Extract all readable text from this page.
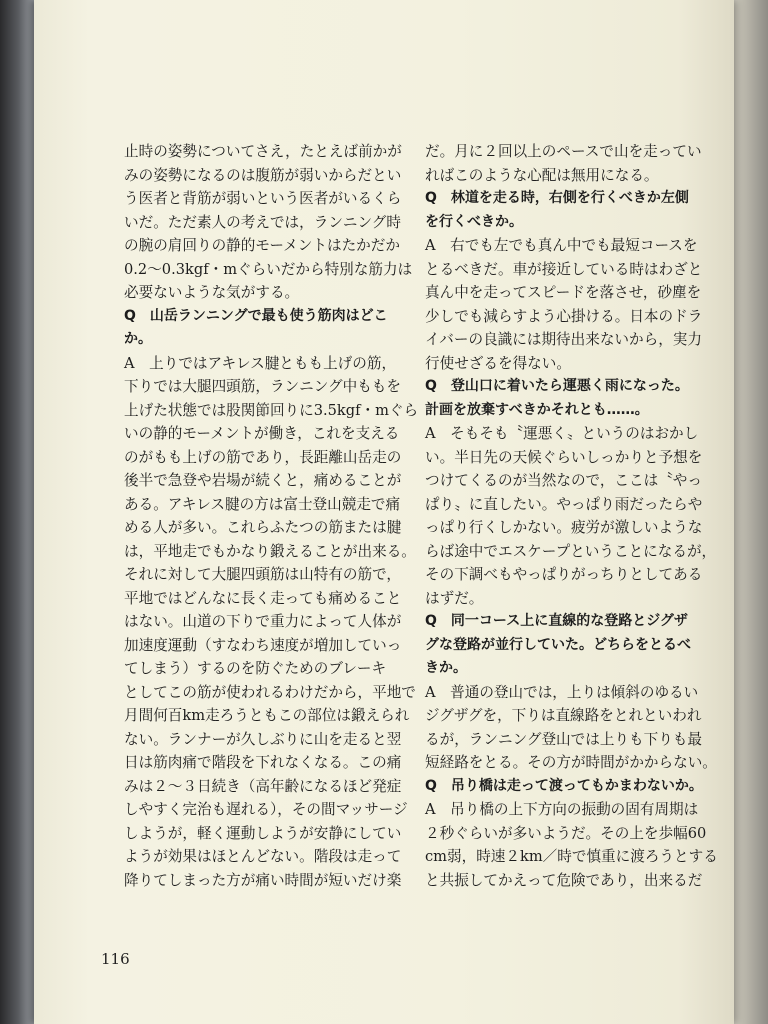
止時の姿勢についてさえ，たとえば前かが
みの姿勢になるのは腹筋が弱いからだとい
う医者と背筋が弱いという医者がいるくら
いだ。ただ素人の考えでは，ランニング時
の腕の肩回りの静的モーメントはたかだか
0.2〜0.3kgf・mぐらいだから特別な筋力は
必要ないような気がする。
Q　山岳ランニングで最も使う筋肉はどこ
か。
A　上りではアキレス腱ともも上げの筋，
下りでは大腿四頭筋，ランニング中ももを
上げた状態では股関節回りに3.5kgf・mぐら
いの静的モーメントが働き，これを支える
のがもも上げの筋であり，長距離山岳走の
後半で急登や岩場が続くと，痛めることが
ある。アキレス腱の方は富士登山競走で痛
める人が多い。これらふたつの筋または腱
は，平地走でもかなり鍛えることが出来る。
それに対して大腿四頭筋は山特有の筋で，
平地ではどんなに長く走っても痛めること
はない。山道の下りで重力によって人体が
加速度運動（すなわち速度が増加していっ
てしまう）するのを防ぐためのブレーキ
としてこの筋が使われるわけだから，平地で
月間何百km走ろうともこの部位は鍛えられ
ない。ランナーが久しぶりに山を走ると翌
日は筋肉痛で階段を下れなくなる。この痛
みは２〜３日続き（高年齢になるほど発症
しやすく完治も遅れる），その間マッサージ
しようが，軽く運動しようが安静にしてい
ようが効果はほとんどない。階段は走って
降りてしまった方が痛い時間が短いだけ楽
だ。月に２回以上のペースで山を走ってい
ればこのような心配は無用になる。
Q　林道を走る時，右側を行くべきか左側
を行くべきか。
A　右でも左でも真ん中でも最短コースを
とるべきだ。車が接近している時はわざと
真ん中を走ってスピードを落させ，砂塵を
少しでも減らすよう心掛ける。日本のドラ
イバーの良識には期待出来ないから，実力
行使せざるを得ない。
Q　登山口に着いたら運悪く雨になった。
計画を放棄すべきかそれとも……。
A　そもそも〝運悪く〟というのはおかし
い。半日先の天候ぐらいしっかりと予想を
つけてくるのが当然なので，ここは〝やっ
ぱり〟に直したい。やっぱり雨だったらや
っぱり行くしかない。疲労が激しいような
らば途中でエスケープということになるが，
その下調べもやっぱりがっちりとしてある
はずだ。
Q　同一コース上に直線的な登路とジグザ
グな登路が並行していた。どちらをとるべ
きか。
A　普通の登山では，上りは傾斜のゆるい
ジグザグを，下りは直線路をとれといわれ
るが，ランニング登山では上りも下りも最
短経路をとる。その方が時間がかからない。
Q　吊り橋は走って渡ってもかまわないか。
A　吊り橋の上下方向の振動の固有周期は
２秒ぐらいが多いようだ。その上を歩幅60
cm弱，時速２km／時で慎重に渡ろうとする
と共振してかえって危険であり，出来るだ
116
